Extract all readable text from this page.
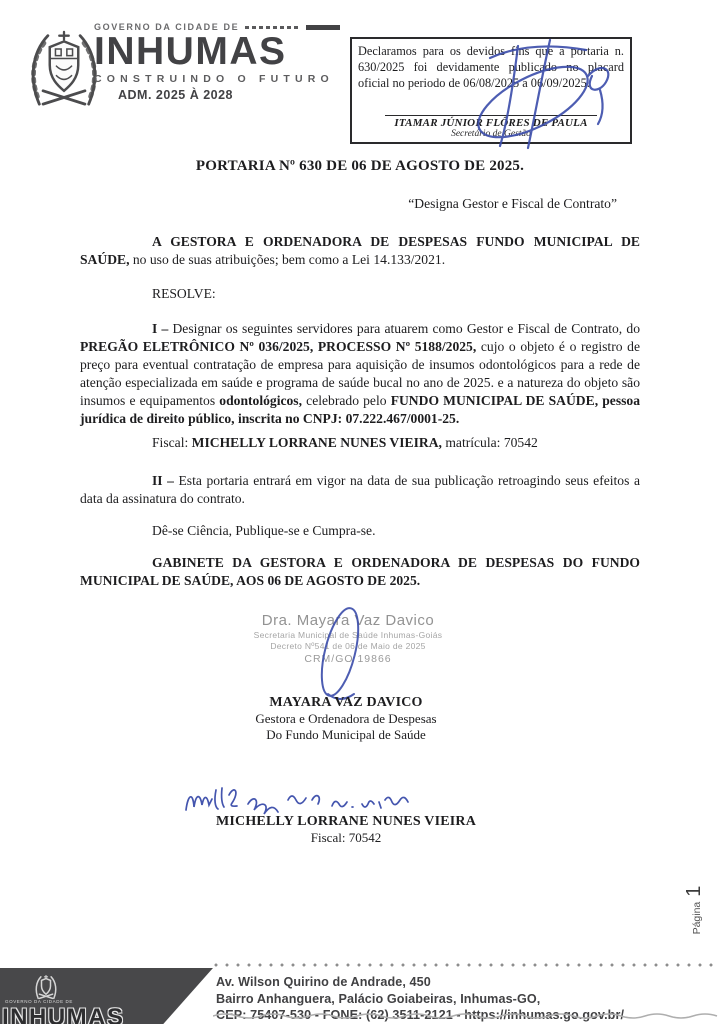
GOVERNO DA CIDADE DE
INHUMAS
CONSTRUINDO O FUTURO
ADM. 2025 À 2028

Declaramos para os devidos fins que a portaria n. 630/2025 foi devidamente publicado no placard oficial no periodo de 06/08/2025 a 06/09/2025.

ITAMAR JÚNIOR FLÔRES DE PAULA
Secretário de Gestão

PORTARIA Nº 630 DE 06 DE AGOSTO DE 2025.

“Designa Gestor e Fiscal de Contrato”

A GESTORA E ORDENADORA DE DESPESAS FUNDO MUNICIPAL DE SAÚDE, no uso de suas atribuições; bem como a Lei 14.133/2021.

RESOLVE:

I – Designar os seguintes servidores para atuarem como Gestor e Fiscal de Contrato, do PREGÃO ELETRÔNICO Nº 036/2025, PROCESSO Nº 5188/2025, cujo o objeto é o registro de preço para eventual contratação de empresa para aquisição de insumos odontológicos para a rede de atenção especializada em saúde e programa de saúde bucal no ano de 2025. e a natureza do objeto são insumos e equipamentos odontológicos, celebrado pelo FUNDO MUNICIPAL DE SAÚDE, pessoa jurídica de direito público, inscrita no CNPJ: 07.222.467/0001-25.

Fiscal: MICHELLY LORRANE NUNES VIEIRA, matrícula: 70542

II – Esta portaria entrará em vigor na data de sua publicação retroagindo seus efeitos a data da assinatura do contrato.

Dê-se Ciência, Publique-se e Cumpra-se.

GABINETE DA GESTORA E ORDENADORA DE DESPESAS DO FUNDO MUNICIPAL DE SAÚDE, AOS 06 DE AGOSTO DE 2025.

Dra. Mayara Vaz Davico
Secretaria Municipal de Saúde Inhumas-Goiás
Decreto Nº541 de 06 de Maio de 2025
CRM/GO 19866
MAYARA VAZ DAVICO
Gestora e Ordenadora de Despesas
Do Fundo Municipal de Saúde
MICHELLY LORRANE NUNES VIEIRA
Fiscal: 70542
Página
1
GOVERNO DA CIDADE DE
INHUMAS
Av. Wilson Quirino de Andrade, 450
Bairro Anhanguera, Palácio Goiabeiras, Inhumas-GO,
CEP: 75407-530 - FONE: (62) 3511-2121 - https://inhumas.go.gov.br/
